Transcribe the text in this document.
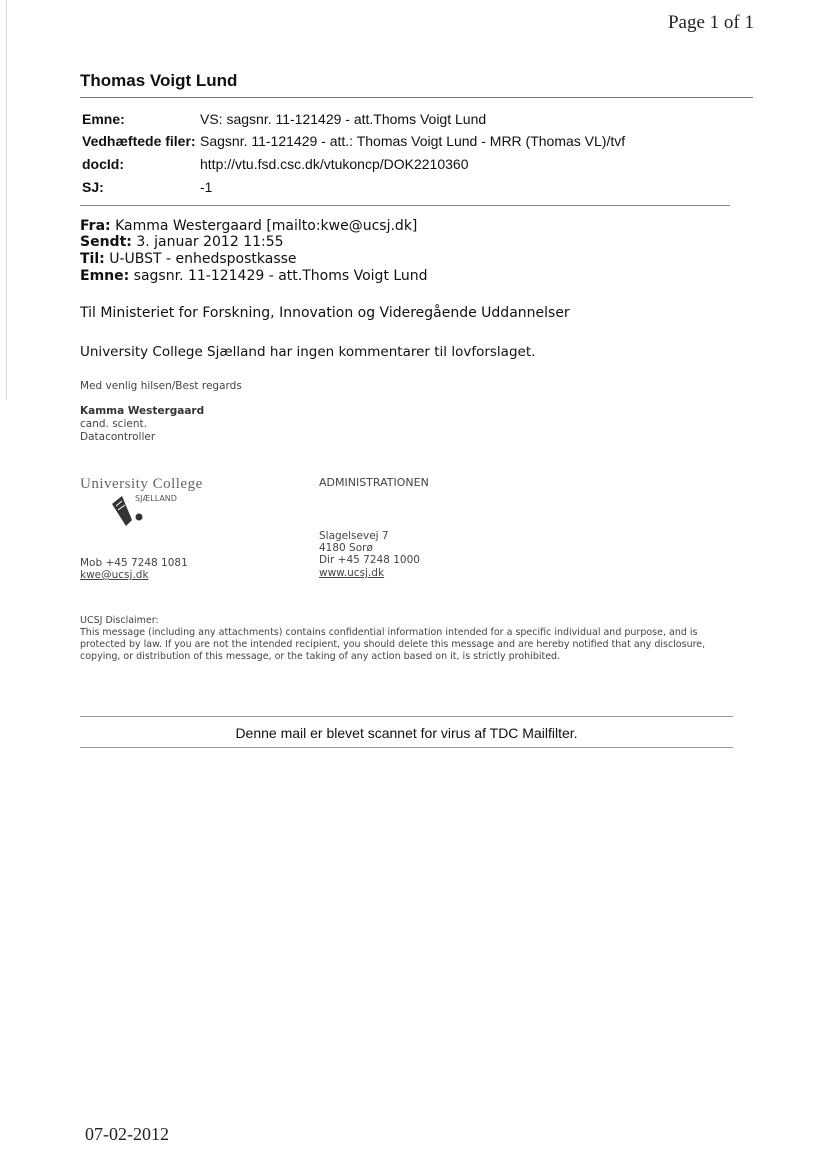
Page 1 of 1
Thomas Voigt Lund
Emne:	VS: sagsnr. 11-121429 - att.Thoms Voigt Lund
Vedhæftede filer: Sagsnr. 11-121429 - att.: Thomas Voigt Lund - MRR (Thomas VL)/tvf
docId:	http://vtu.fsd.csc.dk/vtukoncp/DOK2210360
SJ:	-1
Fra: Kamma Westergaard [mailto:kwe@ucsj.dk]
Sendt: 3. januar 2012 11:55
Til: U-UBST - enhedspostkasse
Emne: sagsnr. 11-121429 - att.Thoms Voigt Lund
Til Ministeriet for Forskning, Innovation og Videregående Uddannelser
University College Sjælland har ingen kommentarer til lovforslaget.
Med venlig hilsen/Best regards
Kamma Westergaard
cand. scient.
Datacontroller
University College
SJÆLLAND
ADMINISTRATIONEN
Slagelsevej 7
4180 Sorø
Dir +45 7248 1000
www.ucsj.dk
Mob +45 7248 1081
kwe@ucsj.dk
UCSJ Disclaimer:
This message (including any attachments) contains confidential information intended for a specific individual and purpose, and is
protected by law. If you are not the intended recipient, you should delete this message and are hereby notified that any disclosure,
copying, or distribution of this message, or the taking of any action based on it, is strictly prohibited.
Denne mail er blevet scannet for virus af TDC Mailfilter.
07-02-2012
